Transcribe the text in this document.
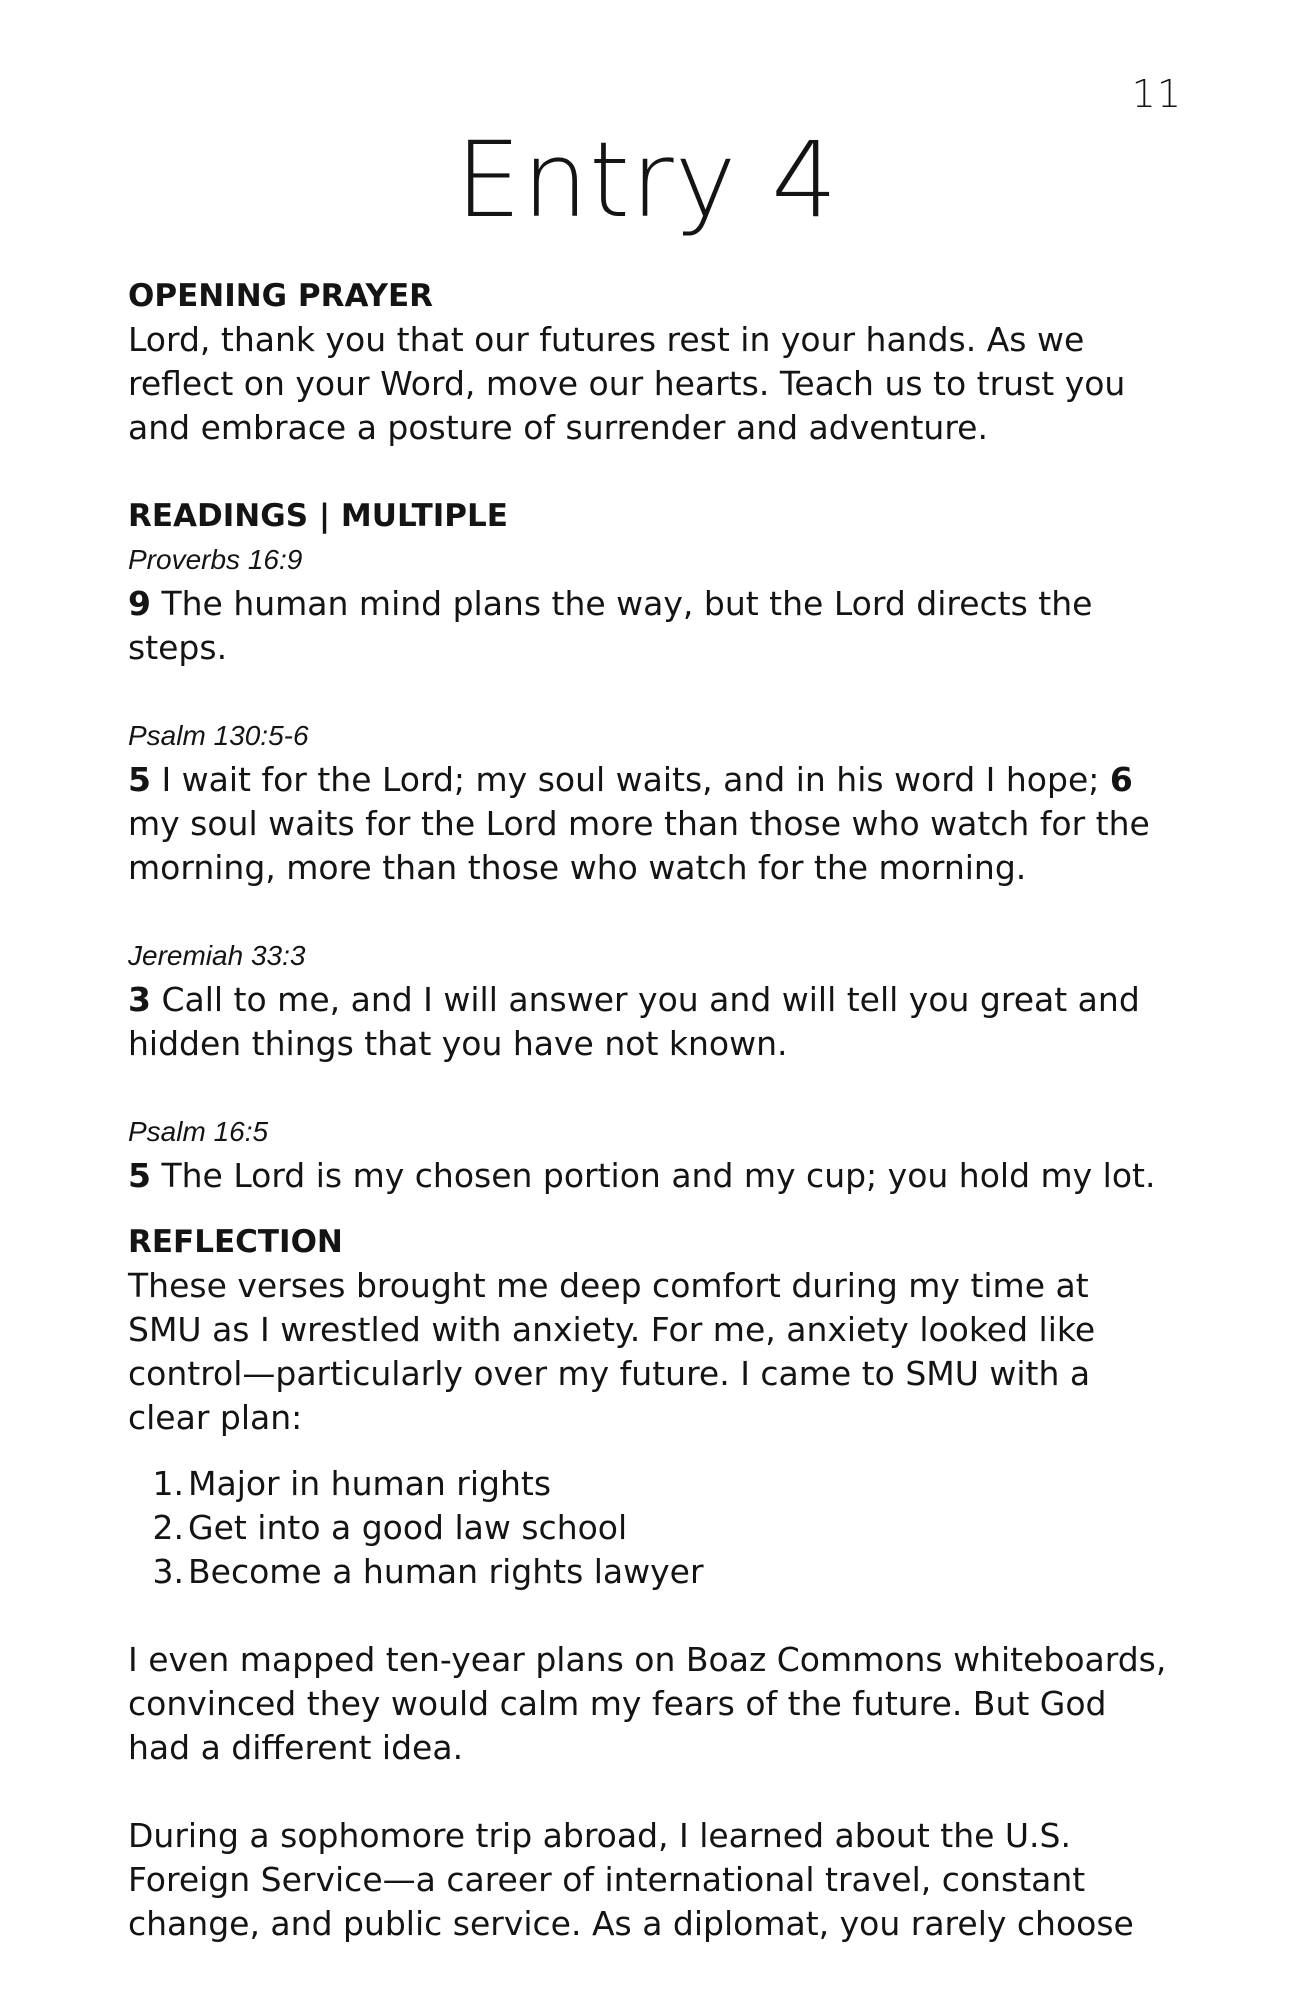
11
Entry 4
OPENING PRAYER

Lord, thank you that our futures rest in your hands. As we reflect on your Word, move our hearts. Teach us to trust you and embrace a posture of surrender and adventure.

READINGS | MULTIPLE

Proverbs 16:9

9 The human mind plans the way, but the Lord directs the steps.

Psalm 130:5-6

5 I wait for the Lord; my soul waits, and in his word I hope; 6 my soul waits for the Lord more than those who watch for the morning, more than those who watch for the morning.

Jeremiah 33:3

3 Call to me, and I will answer you and will tell you great and hidden things that you have not known.

Psalm 16:5

5 The Lord is my chosen portion and my cup; you hold my lot.

REFLECTION

These verses brought me deep comfort during my time at SMU as I wrestled with anxiety. For me, anxiety looked like control—particularly over my future. I came to SMU with a clear plan:

1. Major in human rights
2. Get into a good law school
3. Become a human rights lawyer

I even mapped ten-year plans on Boaz Commons whiteboards, convinced they would calm my fears of the future. But God had a different idea.

During a sophomore trip abroad, I learned about the U.S. Foreign Service—a career of international travel, constant change, and public service. As a diplomat, you rarely choose
